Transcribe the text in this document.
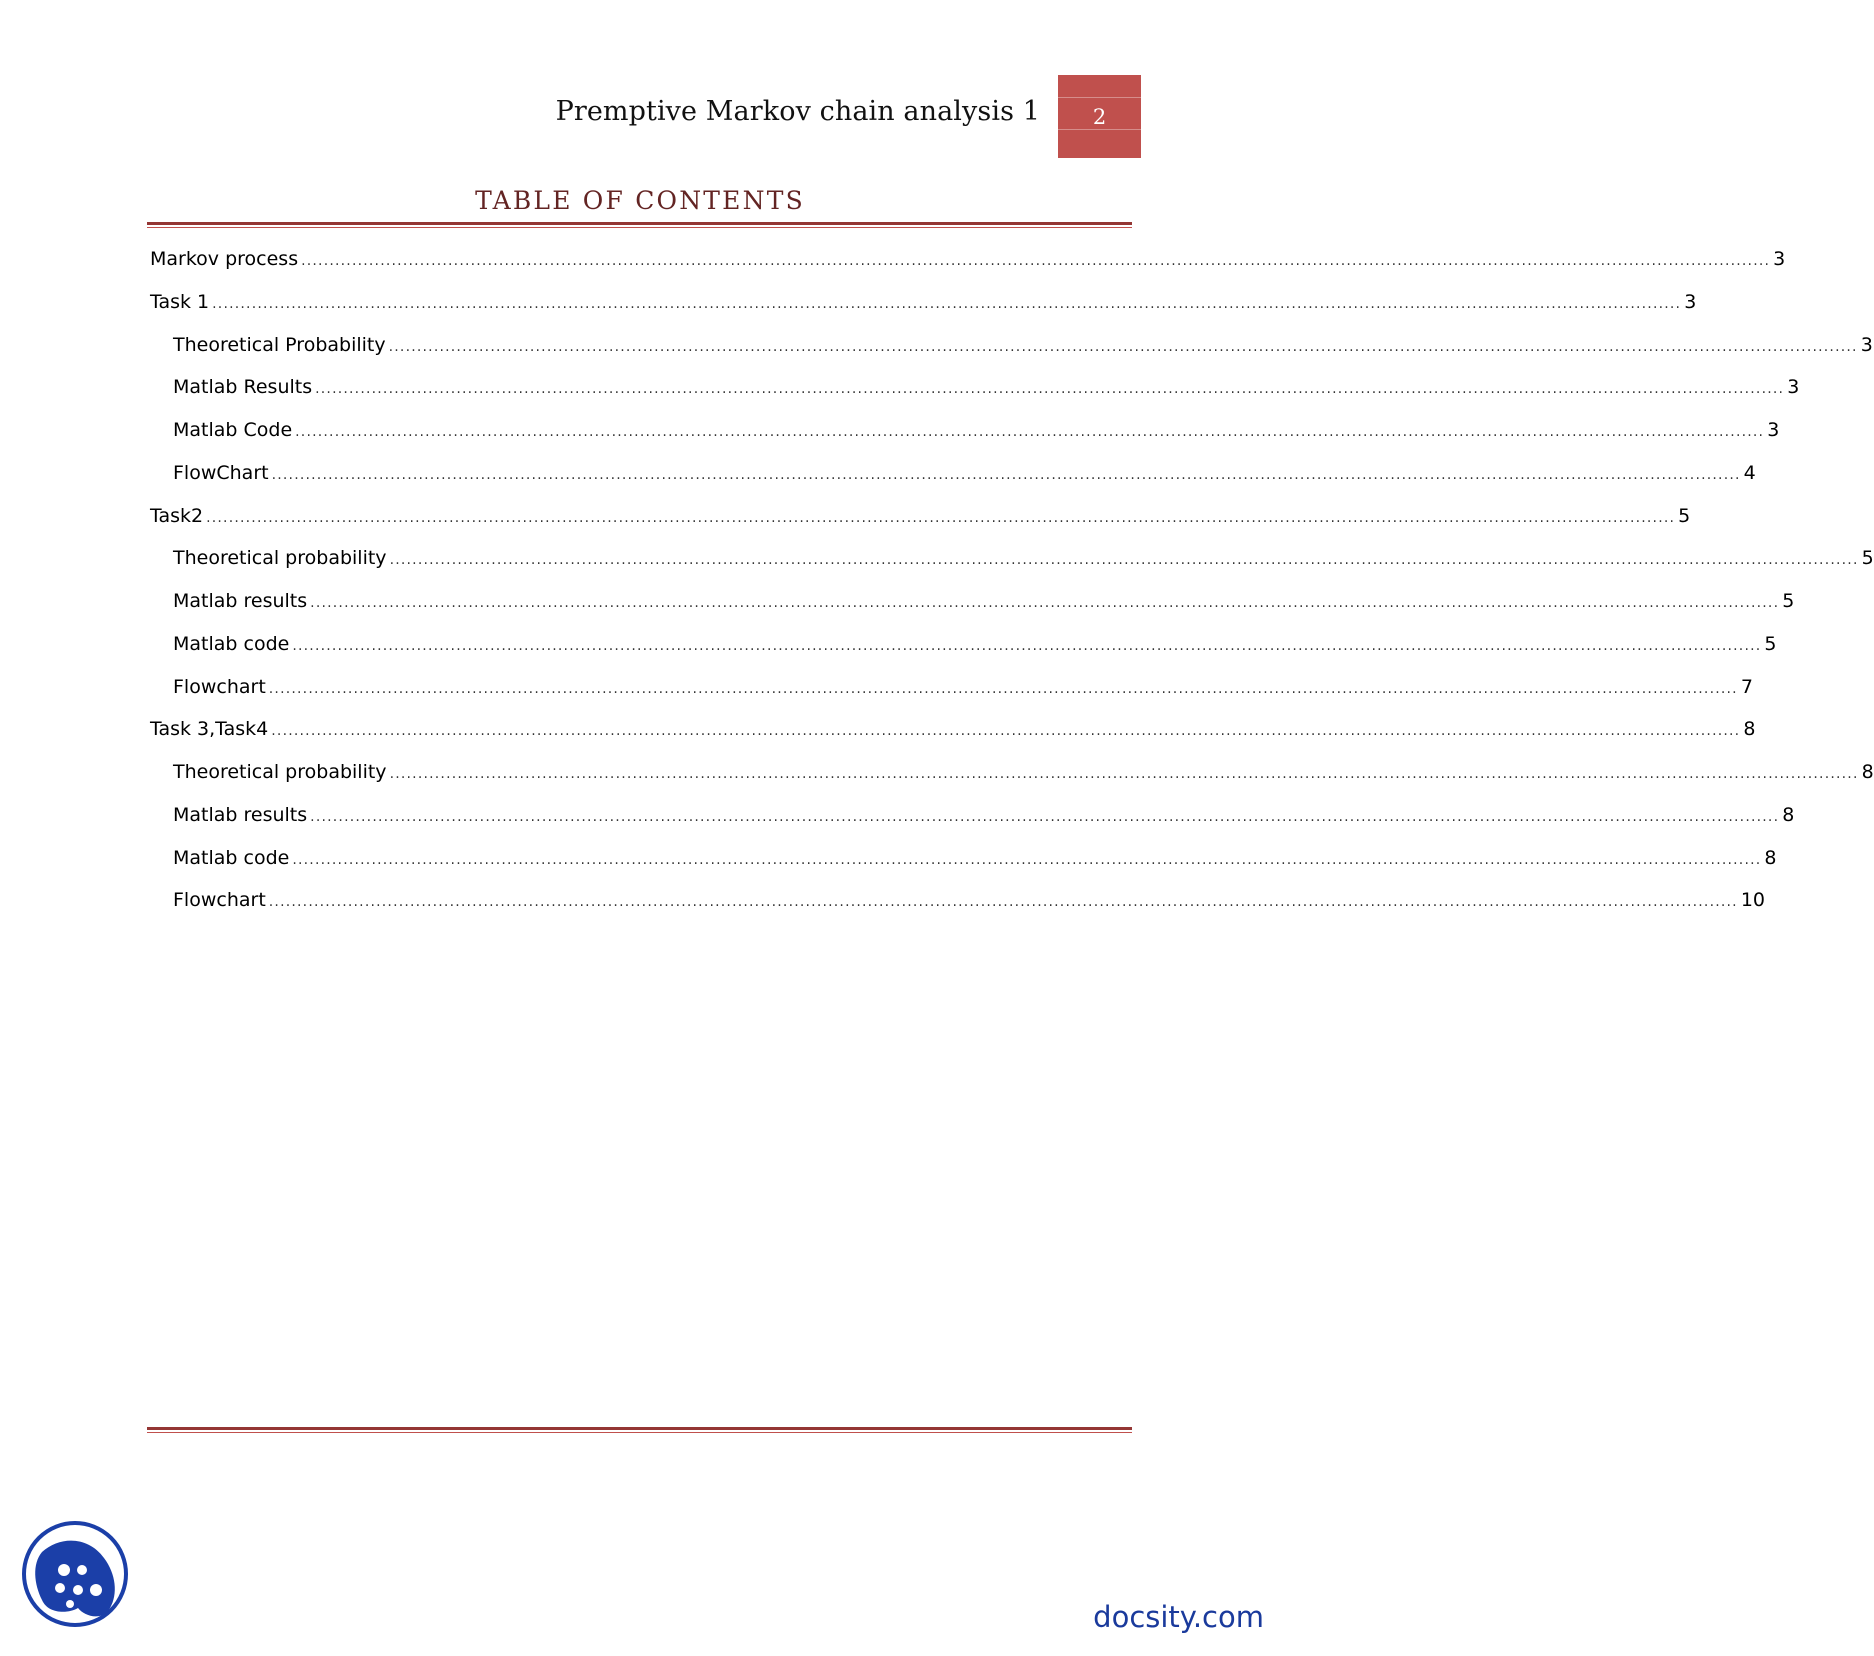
Premptive Markov chain analysis 1	2
TABLE OF CONTENTS
Markov process .................................................................................................................................................................................................................................................................... 3
Task 1 .................................................................................................................................................................................................................................................................... 3
Theoretical Probability .................................................................................................................................................................................................................................................................... 3
Matlab Results .................................................................................................................................................................................................................................................................... 3
Matlab Code .................................................................................................................................................................................................................................................................... 3
FlowChart .................................................................................................................................................................................................................................................................... 4
Task2 .................................................................................................................................................................................................................................................................... 5
Theoretical probability .................................................................................................................................................................................................................................................................... 5
Matlab results .................................................................................................................................................................................................................................................................... 5
Matlab code .................................................................................................................................................................................................................................................................... 5
Flowchart .................................................................................................................................................................................................................................................................... 7
Task 3,Task4 .................................................................................................................................................................................................................................................................... 8
Theoretical probability .................................................................................................................................................................................................................................................................... 8
Matlab results .................................................................................................................................................................................................................................................................... 8
Matlab code .................................................................................................................................................................................................................................................................... 8
Flowchart .................................................................................................................................................................................................................................................................... 10
docsity.com
